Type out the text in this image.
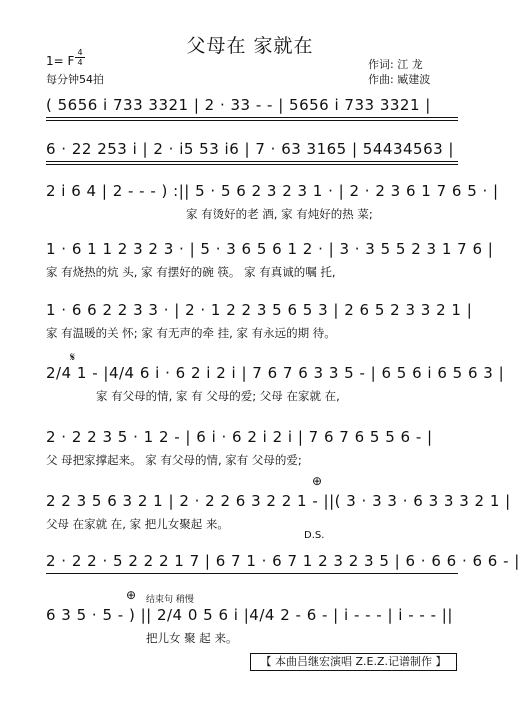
父母在 家就在
1= F
4
4
每分钟54拍
作词: 江 龙
作曲: 臧建波
( 5656 i 733 3321 | 2 · 33 - - | 5656 i 733 3321 |
6 · 22 253 i | 2 · i5 53 i6 | 7 · 63 3165 | 54434563 |
2 i 6 4 | 2 - - - ) :|| 5 · 5 6 2 3 2 3 1 · | 2 · 2 3 6 1 7 6 5 · |
家 有烫好的老 酒, 家 有炖好的热 菜;
1 · 6 1 1 2 3 2 3 · | 5 · 3 6 5 6 1 2 · | 3 · 3 5 5 2 3 1 7 6 |
家 有烧热的炕 头, 家 有摆好的碗 筷。 家 有真诚的嘱 托,
1 · 6 6 2 2 3 3 · | 2 · 1 2 2 3 5 6 5 3 | 2 6 5 2 3 3 2 1 |
家 有温暖的关 怀; 家 有无声的牵 挂, 家 有永远的期 待。
𝄋
2/4 1 - |4/4 6 i · 6 2 i 2 i | 7 6 7 6 3 3 5 - | 6 5 6 i 6 5 6 3 |
家 有父母的情, 家 有 父母的爱; 父母 在家就 在,
2 · 2 2 3 5 · 1 2 - | 6 i · 6 2 i 2 i | 7 6 7 6 5 5 6 - |
父 母把家撑起来。 家 有父母的情, 家有 父母的爱;
⊕
2 2 3 5 6 3 2 1 | 2 · 2 2 6 3 2 2 1 - ||( 3 · 3 3 · 6 3 3 3 2 1 |
父母 在家就 在, 家 把儿女聚起 来。
D.S.
2 · 2 2 · 5 2 2 2 1 7 | 6 7 1 · 6 7 1 2 3 2 3 5 | 6 · 6 6 · 6 6 - |
⊕ 结束句 稍慢
6 3 5 · 5 - ) || 2/4 0 5 6 i |4/4 2 - 6 - | i - - - | i - - - ||
把儿女 聚 起 来。
【 本曲吕继宏演唱 Z.E.Z.记谱制作 】
